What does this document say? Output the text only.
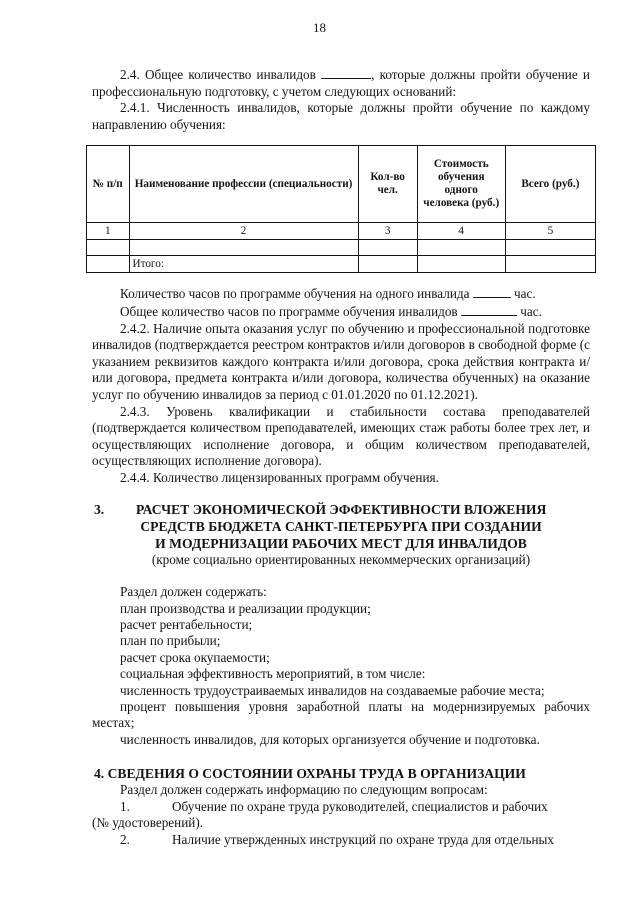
18

2.4. Общее количество инвалидов	, которые должны пройти обучение и профессиональную подготовку, с учетом следующих оснований:

2.4.1. Численность инвалидов, которые должны пройти обучение по каждому направлению обучения:

№ п/п	Наименование профессии (специальности)	Кол-во чел.	Стоимость обучения одного человека (руб.)	Всего (руб.)
1	2	3	4	5

	Итого:			

Количество часов по программе обучения на одного инвалида	час.

Общее количество часов по программе обучения инвалидов	час.

2.4.2. Наличие опыта оказания услуг по обучению и профессиональной подготовке инвалидов (подтверждается реестром контрактов и/или договоров в свободной форме (с указанием реквизитов каждого контракта и/или договора, срока действия контракта и/или договора, предмета контракта и/или договора, количества обученных) на оказание услуг по обучению инвалидов за период с 01.01.2020 по 01.12.2021).

2.4.3. Уровень квалификации и стабильности состава преподавателей (подтверждается количеством преподавателей, имеющих стаж работы более трех лет, и осуществляющих исполнение договора, и общим количеством преподавателей, осуществляющих исполнение договора).

2.4.4. Количество лицензированных программ обучения.

3.	РАСЧЕТ ЭКОНОМИЧЕСКОЙ ЭФФЕКТИВНОСТИ ВЛОЖЕНИЯ
СРЕДСТВ БЮДЖЕТА САНКТ-ПЕТЕРБУРГА ПРИ СОЗДАНИИ
И МОДЕРНИЗАЦИИ РАБОЧИХ МЕСТ ДЛЯ ИНВАЛИДОВ

(кроме социально ориентированных некоммерческих организаций)

Раздел должен содержать:

план производства и реализации продукции;

расчет рентабельности;

план по прибыли;

расчет срока окупаемости;

социальная эффективность мероприятий, в том числе:

численность трудоустраиваемых инвалидов на создаваемые рабочие места;

процент повышения уровня заработной платы на модернизируемых рабочих местах;

численность инвалидов, для которых организуется обучение и подготовка.

4. СВЕДЕНИЯ О СОСТОЯНИИ ОХРАНЫ ТРУДА В ОРГАНИЗАЦИИ

Раздел должен содержать информацию по следующим вопросам:

1.	Обучение по охране труда руководителей, специалистов и рабочих

(№ удостоверений).

2.	Наличие утвержденных инструкций по охране труда для отдельных
